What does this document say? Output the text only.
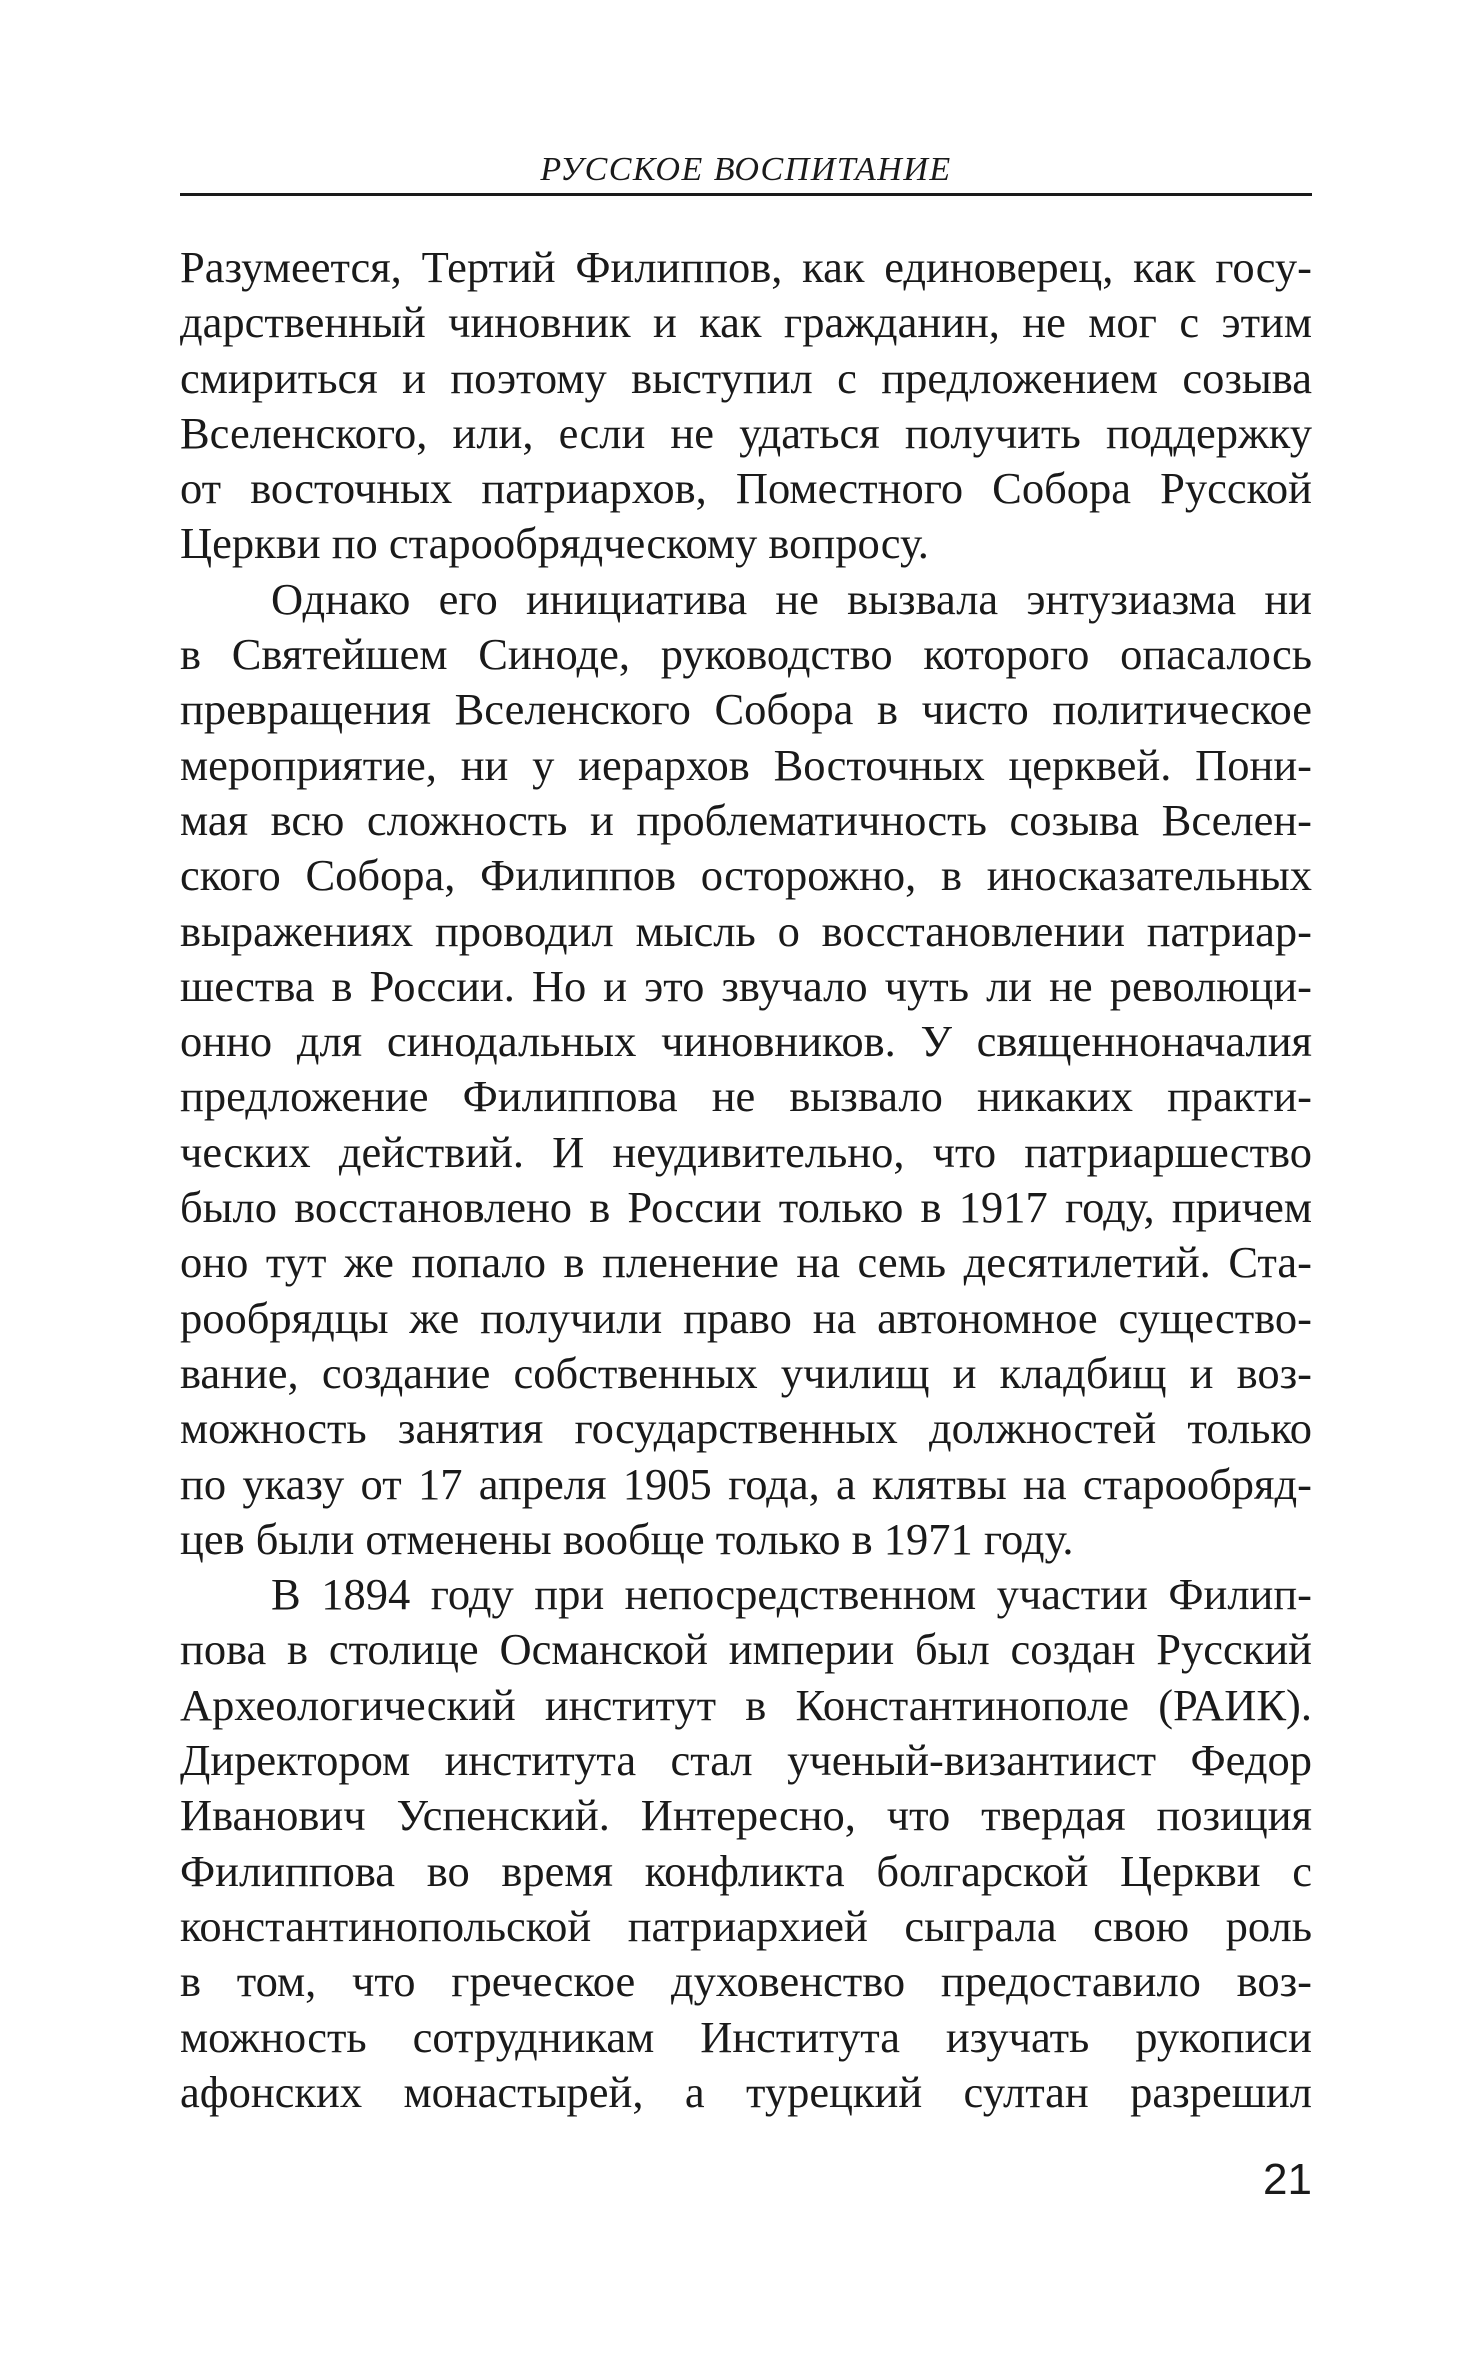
РУССКОЕ ВОСПИТАНИЕ
Разумеется, Тертий Филиппов, как единоверец, как госу-
дарственный чиновник и как гражданин, не мог с этим
смириться и поэтому выступил с предложением созыва
Вселенского, или, если не удаться получить поддержку
от восточных патриархов, Поместного Собора Русской
Церкви по старообрядческому вопросу.
Однако его инициатива не вызвала энтузиазма ни
в Святейшем Синоде, руководство которого опасалось
превращения Вселенского Собора в чисто политическое
мероприятие, ни у иерархов Восточных церквей. Пони-
мая всю сложность и проблематичность созыва Вселен-
ского Собора, Филиппов осторожно, в иносказательных
выражениях проводил мысль о восстановлении патриар-
шества в России. Но и это звучало чуть ли не революци-
онно для синодальных чиновников. У священноначалия
предложение Филиппова не вызвало никаких практи-
ческих действий. И неудивительно, что патриаршество
было восстановлено в России только в 1917 году, причем
оно тут же попало в пленение на семь десятилетий. Ста-
рообрядцы же получили право на автономное существо-
вание, создание собственных училищ и кладбищ и воз-
можность занятия государственных должностей только
по указу от 17 апреля 1905 года, а клятвы на старообряд-
цев были отменены вообще только в 1971 году.
В 1894 году при непосредственном участии Филип-
пова в столице Османской империи был создан Русский
Археологический институт в Константинополе (РАИК).
Директором института стал ученый-византиист Федор
Иванович Успенский. Интересно, что твердая позиция
Филиппова во время конфликта болгарской Церкви с
константинопольской патриархией сыграла свою роль
в том, что греческое духовенство предоставило воз-
можность сотрудникам Института изучать рукописи
афонских монастырей, а турецкий султан разрешил
21
